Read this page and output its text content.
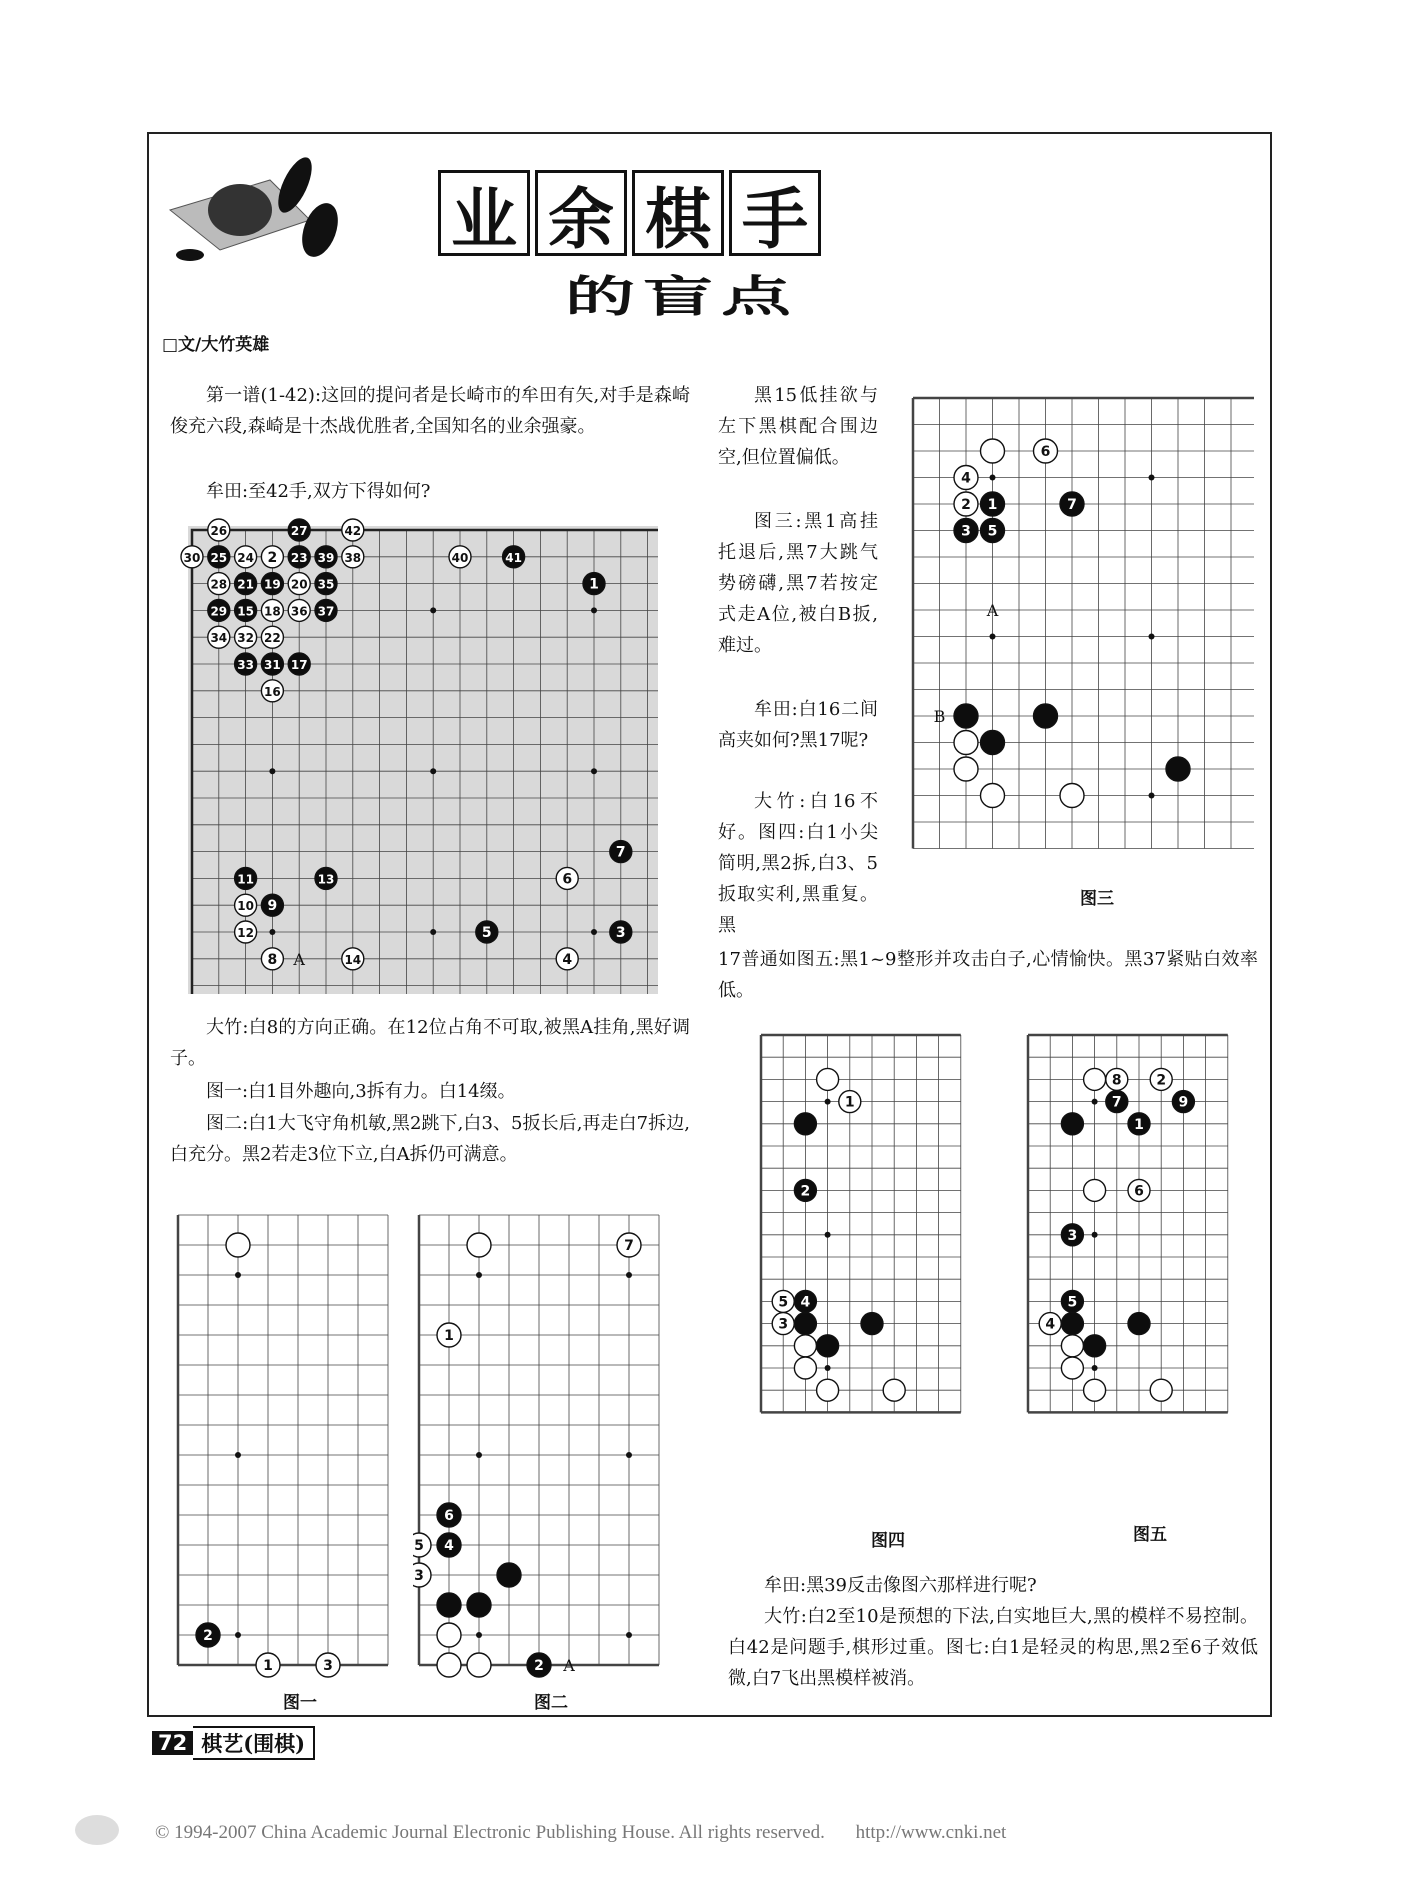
业 余 棋 手
的盲点
□文/大竹英雄

第一谱(1-42):这回的提问者是长崎市的牟田有矢,对手是森崎俊充六段,森崎是十杰战优胜者,全国知名的业余强豪。

牟田:至42手,双方下得如何?

黑15低挂欲与左下黑棋配合围边空,但位置偏低。

图三:黑1高挂托退后,黑7大跳气势磅礴,黑7若按定式走A位,被白B扳,难过。

牟田:白16二间高夹如何?黑17呢?

大竹:白16不好。图四:白1小尖简明,黑2拆,白3、5扳取实利,黑重复。黑

17普通如图五:黑1~9整形并攻击白子,心情愉快。黑37紧贴白效率低。

大竹:白8的方向正确。在12位占角不可取,被黑A挂角,黑好调子。

图一:白1目外趣向,3拆有力。白14缀。

图二:白1大飞守角机敏,黑2跳下,白3、5扳长后,再走白7拆边,白充分。黑2若走3位下立,白A拆仍可满意。

牟田:黑39反击像图六那样进行呢?

大竹:白2至10是预想的下法,白实地巨大,黑的模样不易控制。白42是问题手,棋形过重。图七:白1是轻灵的构思,黑2至6子效低微,白7飞出黑模样被消。

26	27	42
30 25 24 2 23 39 38	40	41
28 21 19 20 35	1
29 15 18 36 37
34 32 22
33 31 17
16
7
11	13	6
10 9
12	5	3
8	14	4
A
2
1	3
7
1
6
5 4
3
2 A
6
4
2 1	7
3 5
A
B
1
2
5 4
3
8 2
7	9
1
6
3
5
4
图一	图二
图三
图四	图五
72 棋艺(围棋)
© 1994-2007 China Academic Journal Electronic Publishing House. All rights reserved. http://www.cnki.net
